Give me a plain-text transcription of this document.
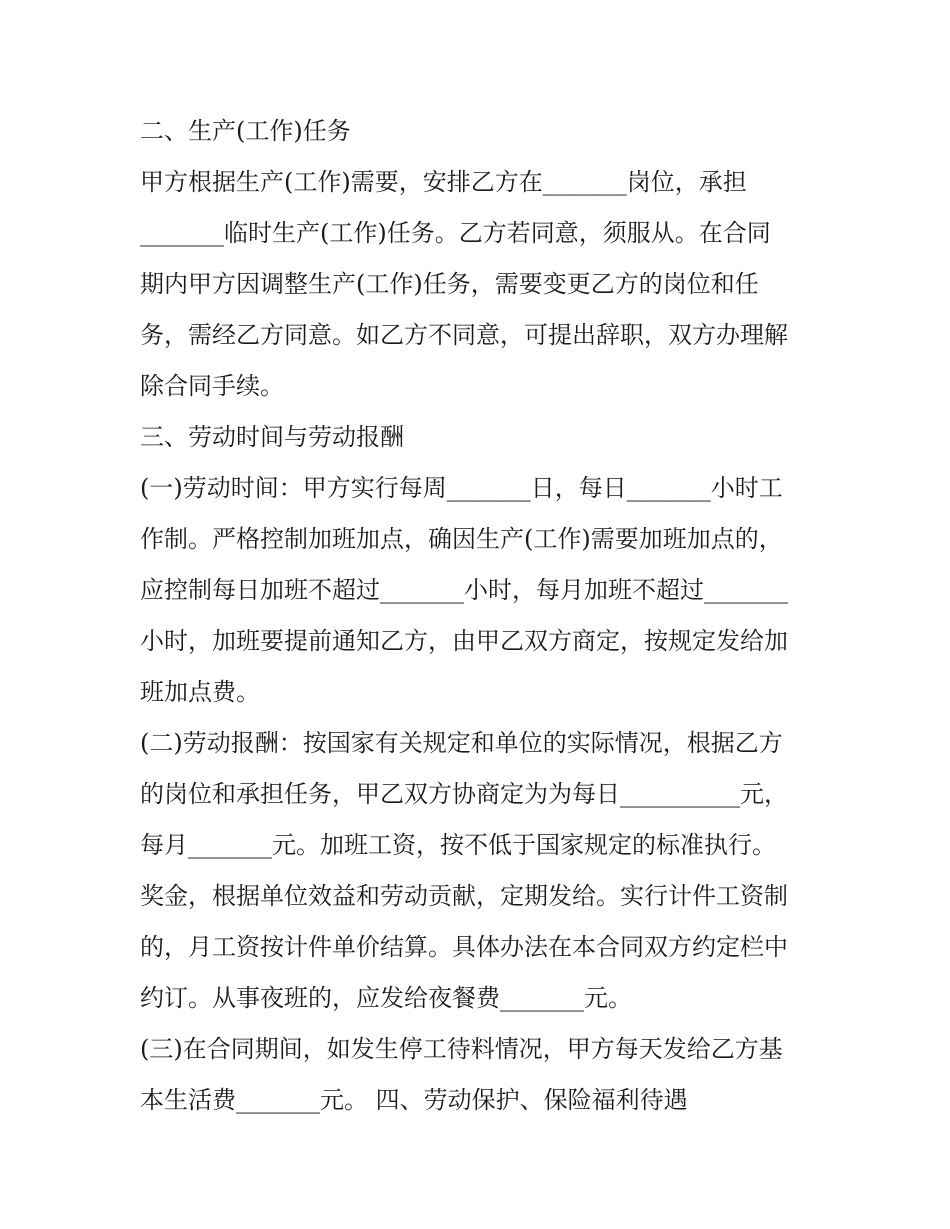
二、生产(工作)任务
甲方根据生产(工作)需要，安排乙方在_______岗位，承担
_______临时生产(工作)任务。乙方若同意，须服从。在合同
期内甲方因调整生产(工作)任务，需要变更乙方的岗位和任
务，需经乙方同意。如乙方不同意，可提出辞职，双方办理解
除合同手续。
三、劳动时间与劳动报酬
(一)劳动时间：甲方实行每周_______日，每日_______小时工
作制。严格控制加班加点，确因生产(工作)需要加班加点的，
应控制每日加班不超过_______小时，每月加班不超过_______
小时，加班要提前通知乙方，由甲乙双方商定，按规定发给加
班加点费。
(二)劳动报酬：按国家有关规定和单位的实际情况，根据乙方
的岗位和承担任务，甲乙双方协商定为为每日__________元，
每月_______元。加班工资，按不低于国家规定的标准执行。
奖金，根据单位效益和劳动贡献，定期发给。实行计件工资制
的，月工资按计件单价结算。具体办法在本合同双方约定栏中
约订。从事夜班的，应发给夜餐费_______元。
(三)在合同期间，如发生停工待料情况，甲方每天发给乙方基
本生活费_______元。 四、劳动保护、保险福利待遇
